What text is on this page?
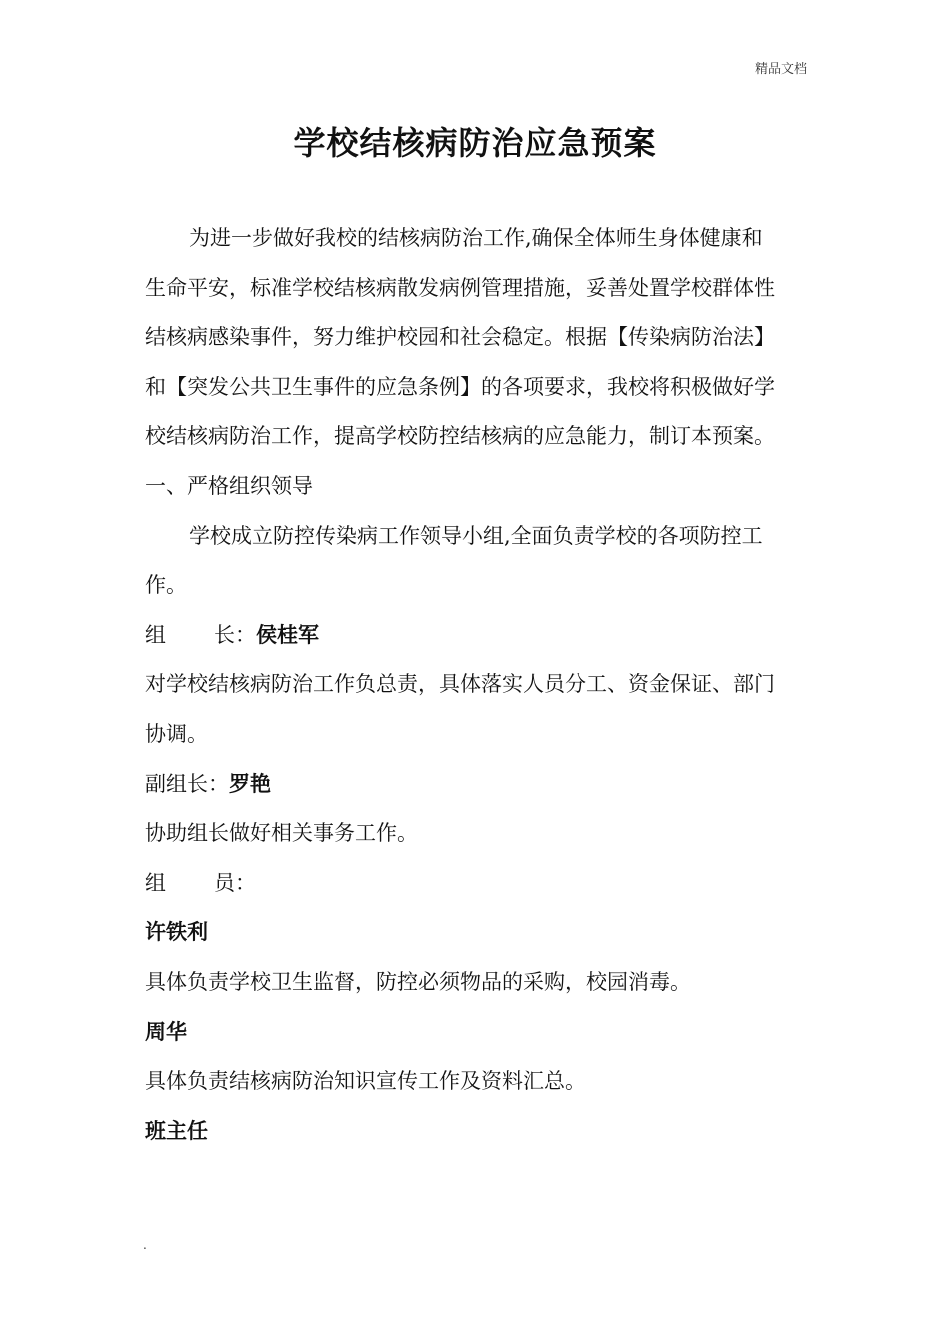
精品文档
学校结核病防治应急预案
为进一步做好我校的结核病防治工作,确保全体师生身体健康和
生命平安，标准学校结核病散发病例管理措施，妥善处置学校群体性
结核病感染事件，努力维护校园和社会稳定。根据【传染病防治法】
和【突发公共卫生事件的应急条例】的各项要求，我校将积极做好学
校结核病防治工作，提高学校防控结核病的应急能力，制订本预案。
一、严格组织领导
学校成立防控传染病工作领导小组,全面负责学校的各项防控工
作。
组 长：侯桂军
对学校结核病防治工作负总责，具体落实人员分工、资金保证、部门
协调。
副组长：罗艳
协助组长做好相关事务工作。
组 员：
许铁利
具体负责学校卫生监督，防控必须物品的采购，校园消毒。
周华
具体负责结核病防治知识宣传工作及资料汇总。
班主任
.
